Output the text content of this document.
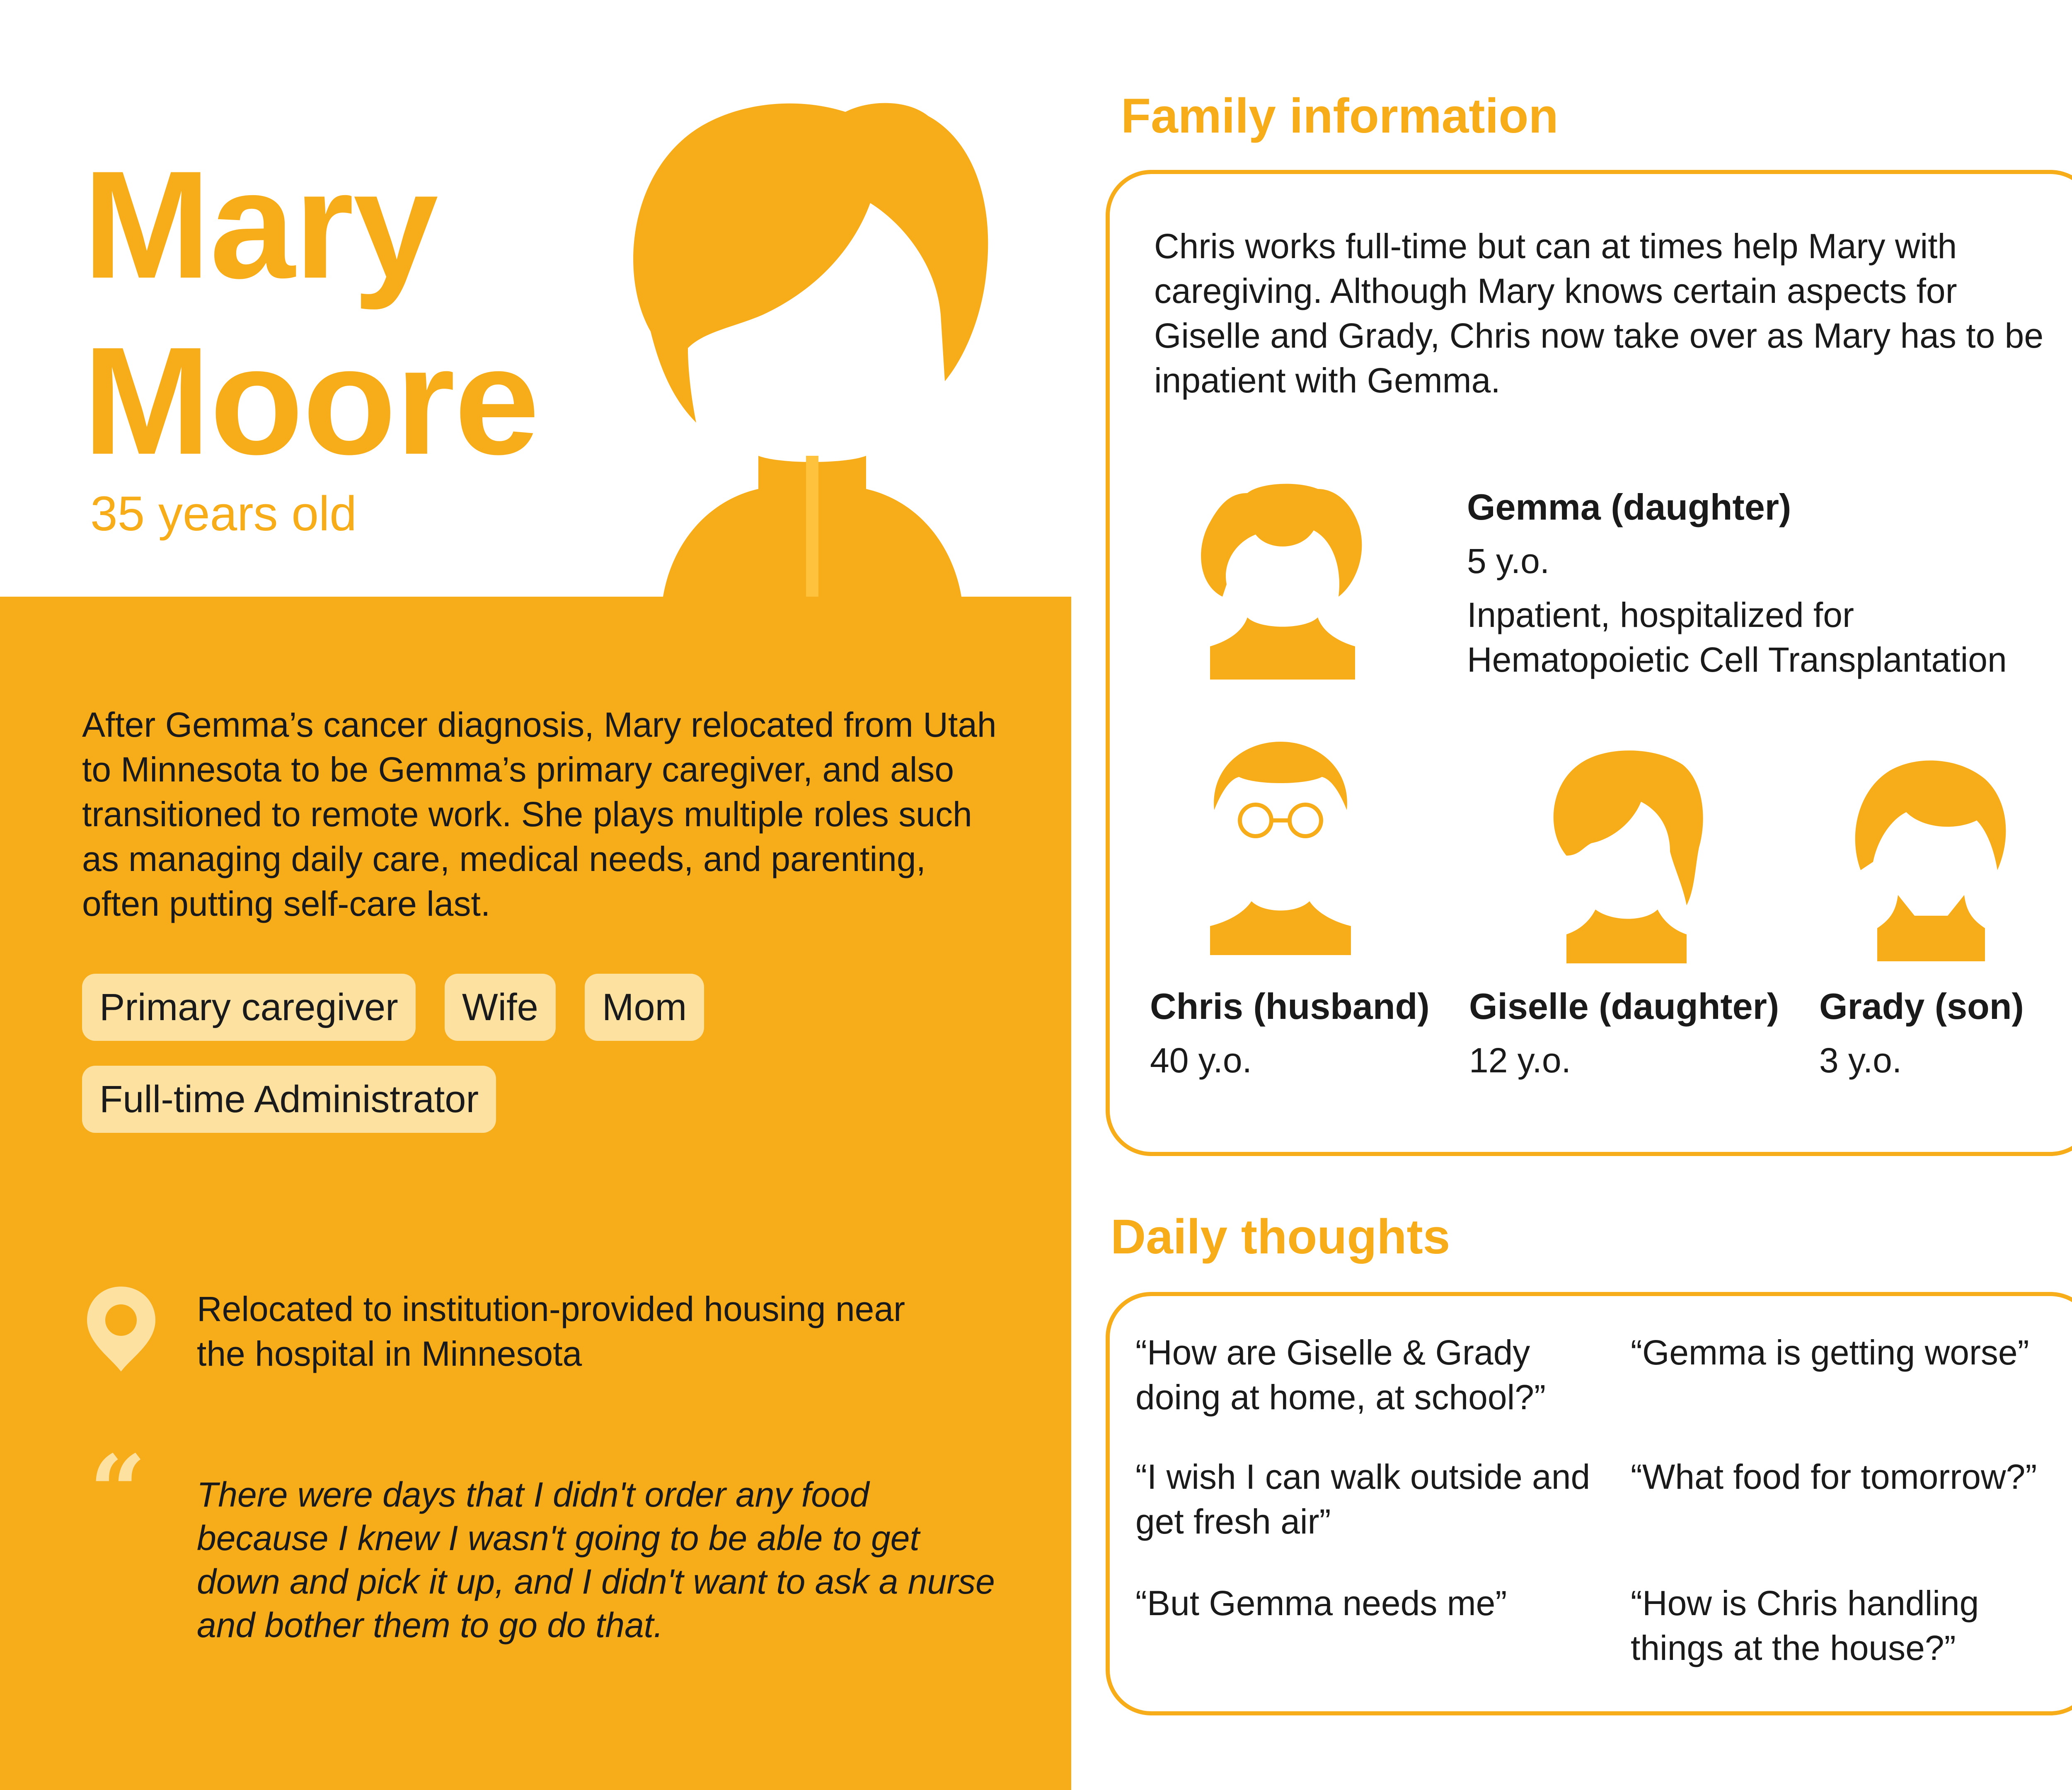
Mary
Moore
35 years old
After Gemma’s cancer diagnosis, Mary relocated from Utah to Minnesota to be Gemma’s primary caregiver, and also transitioned to remote work. She plays multiple roles such as managing daily care, medical needs, and parenting, often putting self-care last.
Primary caregiver	Wife	Mom
Full-time Administrator
Relocated to institution-provided housing near the hospital in Minnesota
“ There were days that I didn't order any food because I knew I wasn't going to be able to get down and pick it up, and I didn't want to ask a nurse and bother them to go do that.
Family information
Chris works full-time but can at times help Mary with caregiving. Although Mary knows certain aspects for Giselle and Grady, Chris now take over as Mary has to be inpatient with Gemma.
Gemma (daughter)
5 y.o.
Inpatient, hospitalized for Hematopoietic Cell Transplantation
Chris (husband)
40 y.o.
Giselle (daughter)
12 y.o.
Grady (son)
3 y.o.
Daily thoughts
“How are Giselle & Grady doing at home, at school?”
“Gemma is getting worse”
“I wish I can walk outside and get fresh air”
“What food for tomorrow?”
“But Gemma needs me”	“How is Chris handling things at the house?”
